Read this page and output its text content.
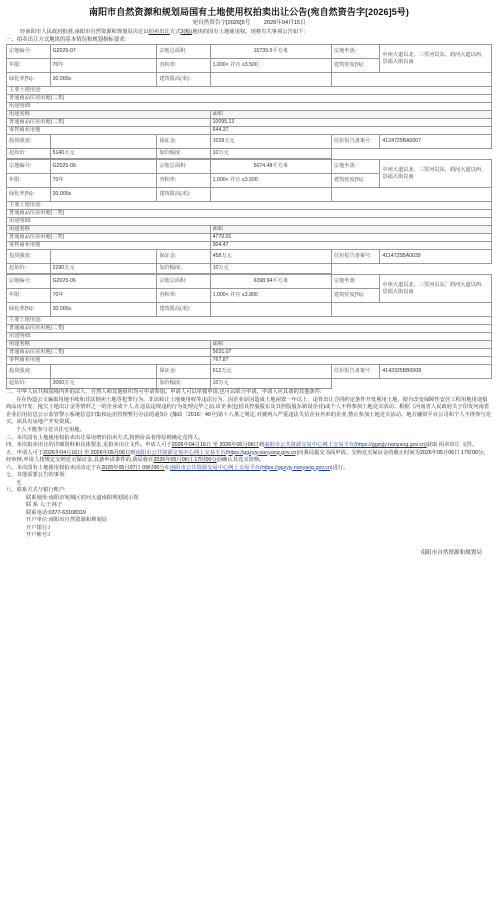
南阳市自然资源和规划局国有土地使用权拍卖出让公告(宛自然资告字[2026]5号)
宛自然资告字[2026]5号 2026年04月15日
经南阳市人民政府批准,南阳市自然资源和规划局决定以拍卖出让方式3(幅)地块的国有土地使用权。现将有关事项公告如下:
一、拍卖出让方式地块的基本情况和规划指标要求:
宗地编号:	G2025-07	宗地总面积:	10739.5平方米	宗地坐落:	中州大道以北、三里河以东、润河大道以西、景福大街以南
年限:	70年	容积率:	1.000< 并且 ≤3.500	建筑密度(%):	
绿化率(%):	30.000≤	建筑限高(米):			
主要土地用途:					
普通商品住房用地(二类)					
用途明细:					
用途名称			面积		
普通商品住房用地(二类)			10095.13		
零售商业用地			644.37		
投资强度:		保证金:	1028万元	估价报告备案号:	4124725BA0007
起始价:	5140万元	加价幅度:	10万元		
宗地编号:	G2025-08	宗地总面积:	5074.48平方米	宗地坐落:	中州大道以北、三里河以东、润河大道以西、景福大街以南
年限:	70年	容积率:	1.000< 并且 ≤3.500	建筑密度(%):	
绿化率(%):	30.000≤	建筑限高(米):			
主要土地用途:					
普通商品住房用地(二类)					
用途明细:					
用途名称			面积		
普通商品住房用地(二类)			4770.01		
零售商业用地			304.47		
投资强度:		保证金:	458万元	估价报告备案号:	4114725BA0039
起始价:	2290万元	加价幅度:	10万元		
宗地编号:	G2025-06	宗地总面积:	6398.94平方米	宗地坐落:	中州大道以北、三里河以东、润河大道以西、景福大街以南
年限:	70年	容积率:	1.000< 并且 ≤3.800	建筑密度(%):	
绿化率(%):	30.000≤	建筑限高(米):			
主要土地用途:					
普通商品住房用地(二类)					
用途明细:					
用途名称			面积		
普通商品住房用地(二类)			5631.07		
零售商业用地			767.87		
投资强度:		保证金:	612万元	估价报告备案号:	4143325BB0008
起始价:	3060万元	加价幅度:	10万元		
二、中华人民共和国境内外的法人、自然人和其他组织均可申请参加。申请人可以单独申请,也可以联合申请。申请人应具备的其他条件:
存在伪造公文骗取用地手续和非法倒卖土地等犯罪行为、非法转让土地使用权等违法行为、因企业原因造成土地闲置一年以上、违背出让合同约定条件开发利用土地、擅自改变保障性安居工程用地用途搞商品房开发、拖欠土地出让金等情形之一的企业或个人,在违法违规违约行为处理完毕之前,该企业(包括其控股股东及其控股股东新设企业)或个人不得参加土地竞买活动。根据《河南省人民政府关于印发河南省企业信用信息公示监管警示系统信息归集和运用管理暂行办法的通知》(豫政〔2016〕40号)第十八条之规定,对被列入严重违法失信企业名单的企业,禁止参加土地竞买活动。地方融资平台公司和个人不得参与竞买。须具有房地产开发资质。
个人不能参与竞买住宅用地。
三、本次国有土地使用权拍卖出让采用增价拍卖方式,按照价高者得原则确定竞得人。
四、本次拍卖出让的详细资料和具体要求,见拍卖出让文件。申请人可于2026年04月16日 至 2026年05月06日到南阳市公共资源交易中心网上交易平台(https://ggzyjy.nanyang.gov.cn)获取 拍卖出让 文件。
五、申请人可于2026年04月16日 至 2026年05月06日到南阳市公共资源交易中心网上交易平台(https://ggzyjy.nanyang.gov.cn)向我局提交书面申请。交纳竞买保证金的截止时间为2026年05月06日 17时00分。经审核,申请人按规定交纳竞买保证金,具备申请条件的,我局将在2026年05月06日 17时00分前确认其竞买资格。
六、本次国有土地使用权拍卖活动定于在2026年05月07日 09时00分在南阳市公共资源交易中心网上交易平台(https://ggzyjy.nanyang.gov.cn)进行。
七、其他需要公告的事项:
无
八、联系方式与银行账户:
联系地址:南阳市宛城区滨河大道南阳规划展示馆
联 系 人:王林子
联系电话:0377-63108319
开户单位:南阳市自然资源和规划局
开户银行:/
开户账号:/
南阳市自然资源和规划局
